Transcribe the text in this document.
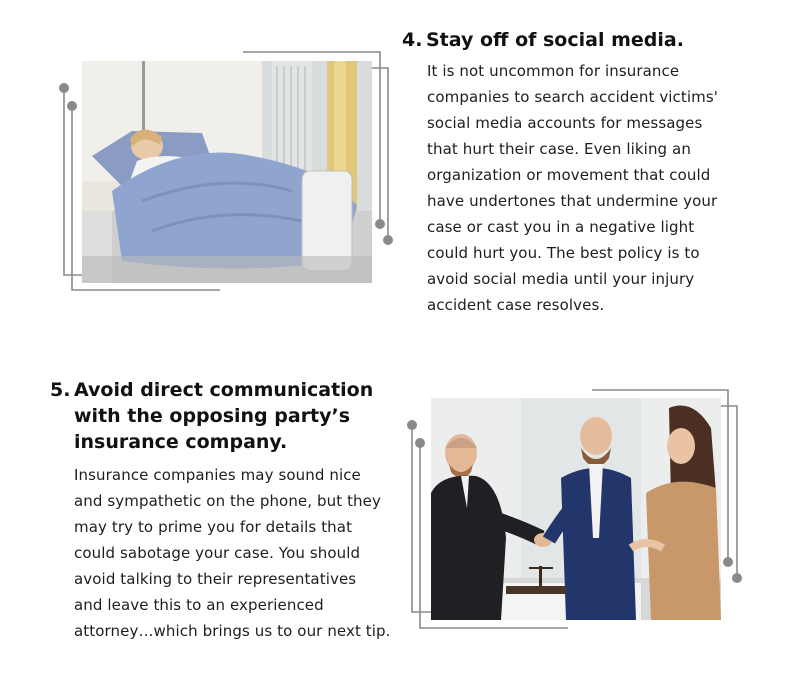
4. Stay off of social media.
It is not uncommon for insurance
companies to search accident victims'
social media accounts for messages
that hurt their case. Even liking an
organization or movement that could
have undertones that undermine your
case or cast you in a negative light
could hurt you. The best policy is to
avoid social media until your injury
accident case resolves.
5. Avoid direct communication
with the opposing party’s
insurance company.
Insurance companies may sound nice
and sympathetic on the phone, but they
may try to prime you for details that
could sabotage your case. You should
avoid talking to their representatives
and leave this to an experienced
attorney…which brings us to our next tip.
